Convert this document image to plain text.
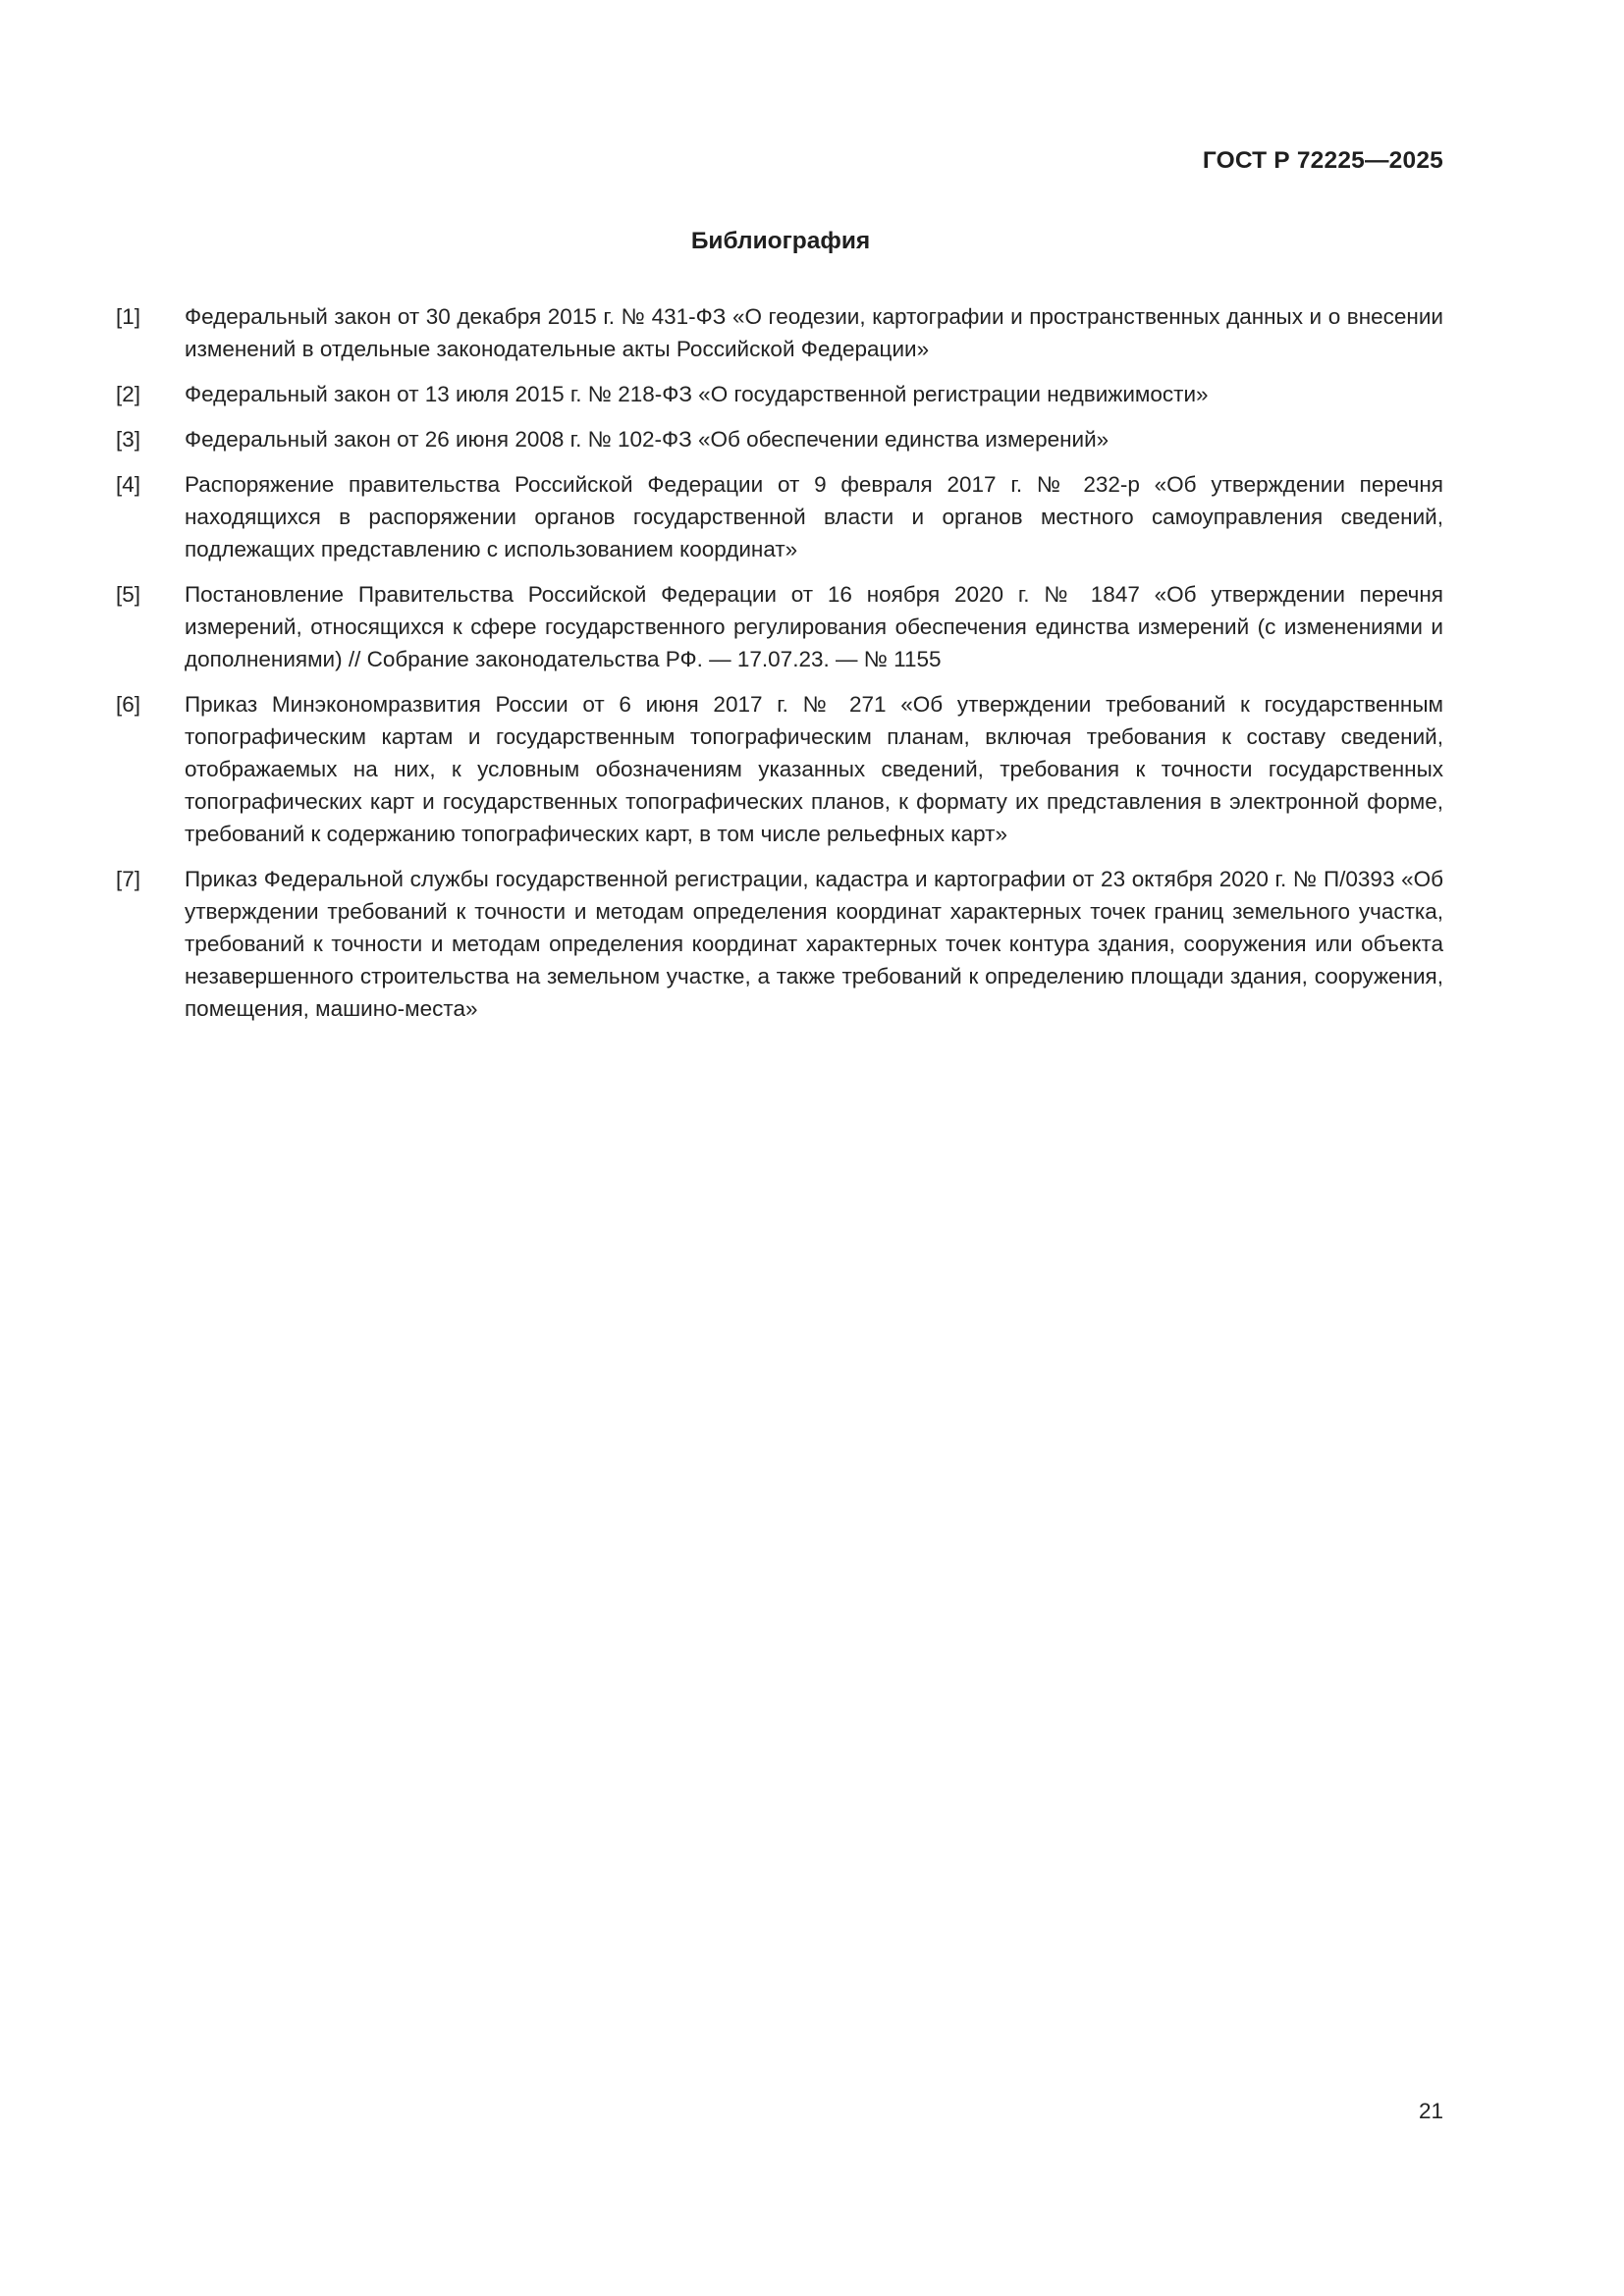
ГОСТ Р 72225—2025
Библиография
[1]	Федеральный закон от 30 декабря 2015 г. № 431-ФЗ «О геодезии, картографии и пространственных данных и о внесении изменений в отдельные законодательные акты Российской Федерации»
[2]	Федеральный закон от 13 июля 2015 г. № 218-ФЗ «О государственной регистрации недвижимости»
[3]	Федеральный закон от 26 июня 2008 г. № 102-ФЗ «Об обеспечении единства измерений»
[4]	Распоряжение правительства Российской Федерации от 9 февраля 2017 г. № 232-р «Об утверждении перечня находящихся в распоряжении органов государственной власти и органов местного самоуправления сведений, подлежащих представлению с использованием координат»
[5]	Постановление Правительства Российской Федерации от 16 ноября 2020 г. № 1847 «Об утверждении перечня измерений, относящихся к сфере государственного регулирования обеспечения единства измерений (с изменениями и дополнениями) // Собрание законодательства РФ. — 17.07.23. — № 1155
[6]	Приказ Минэкономразвития России от 6 июня 2017 г. № 271 «Об утверждении требований к государственным топографическим картам и государственным топографическим планам, включая требования к составу сведений, отображаемых на них, к условным обозначениям указанных сведений, требования к точности государственных топографических карт и государственных топографических планов, к формату их представления в электронной форме, требований к содержанию топографических карт, в том числе рельефных карт»
[7]	Приказ Федеральной службы государственной регистрации, кадастра и картографии от 23 октября 2020 г. № П/0393 «Об утверждении требований к точности и методам определения координат характерных точек границ земельного участка, требований к точности и методам определения координат характерных точек контура здания, сооружения или объекта незавершенного строительства на земельном участке, а также требований к определению площади здания, сооружения, помещения, машино-места»
21
